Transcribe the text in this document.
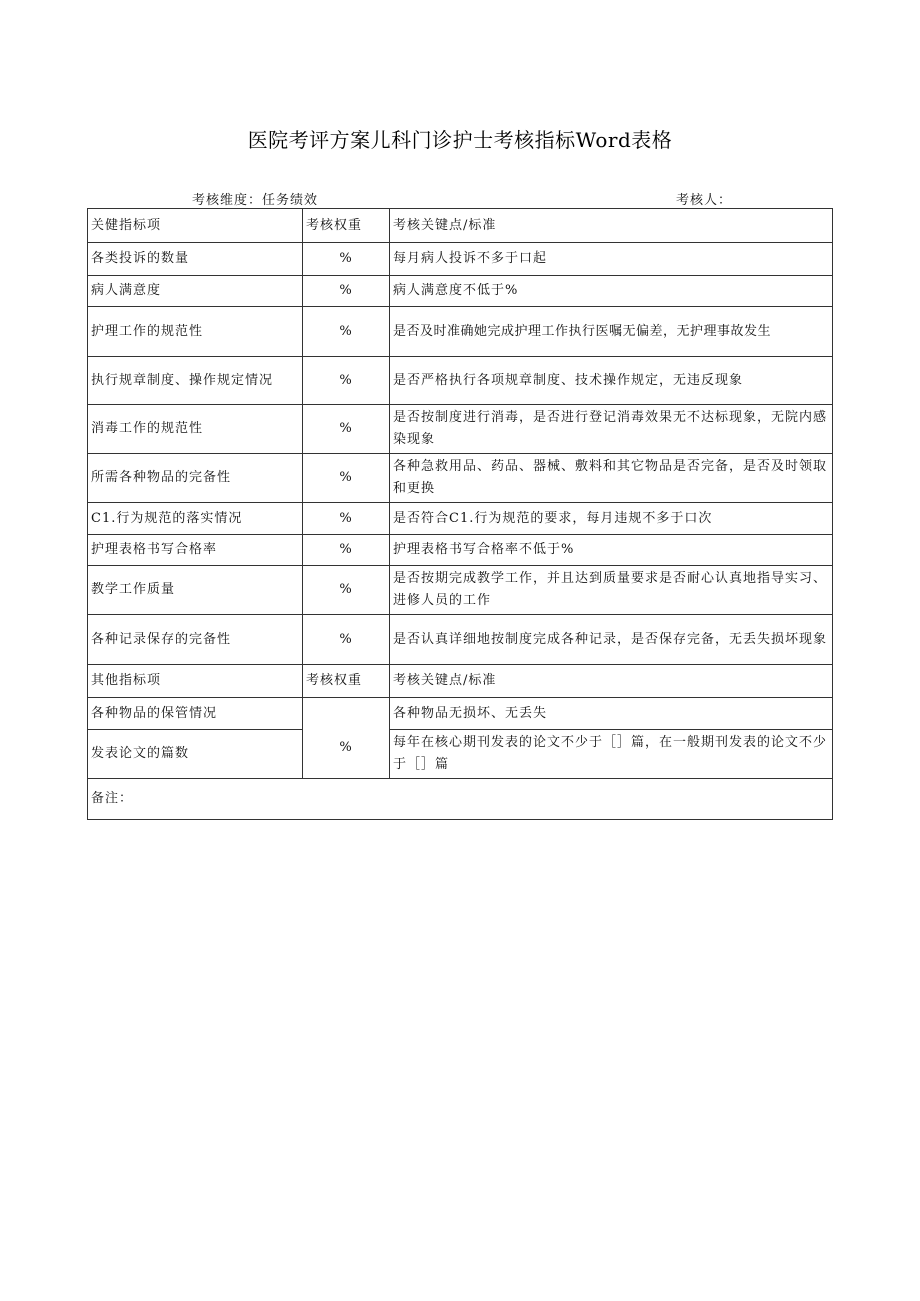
医院考评方案儿科门诊护士考核指标Word表格
考核维度：任务绩效	考核人：
关健指标项	考核权重	考核关键点/标准
各类投诉的数量	%	每月病人投诉不多于口起
病人满意度	%	病人满意度不低于%
护理工作的规范性	%	是否及时准确她完成护理工作执行医嘱无偏差，无护理事故发生
执行规章制度、操作规定情况	%	是否严格执行各项规章制度、技术操作规定，无违反现象
消毒工作的规范性	%	是否按制度进行消毒，是否进行登记消毒效果无不达标现象，无院内感染现象
所需各种物品的完备性	%	各种急救用品、药品、器械、敷料和其它物品是否完备，是否及时领取和更换
C1.行为规范的落实情况	%	是否符合C1.行为规范的要求，每月违规不多于口次
护理表格书写合格率	%	护理表格书写合格率不低于%
教学工作质量	%	是否按期完成教学工作，并且达到质量要求是否耐心认真地指导实习、进修人员的工作
各种记录保存的完备性	%	是否认真详细地按制度完成各种记录，是否保存完备，无丢失损坏现象
其他指标项	考核权重	考核关键点/标准
各种物品的保管情况	%	各种物品无损坏、无丢失
发表论文的篇数		每年在核心期刊发表的论文不少于［］篇，在一般期刊发表的论文不少于［］篇
备注：		
